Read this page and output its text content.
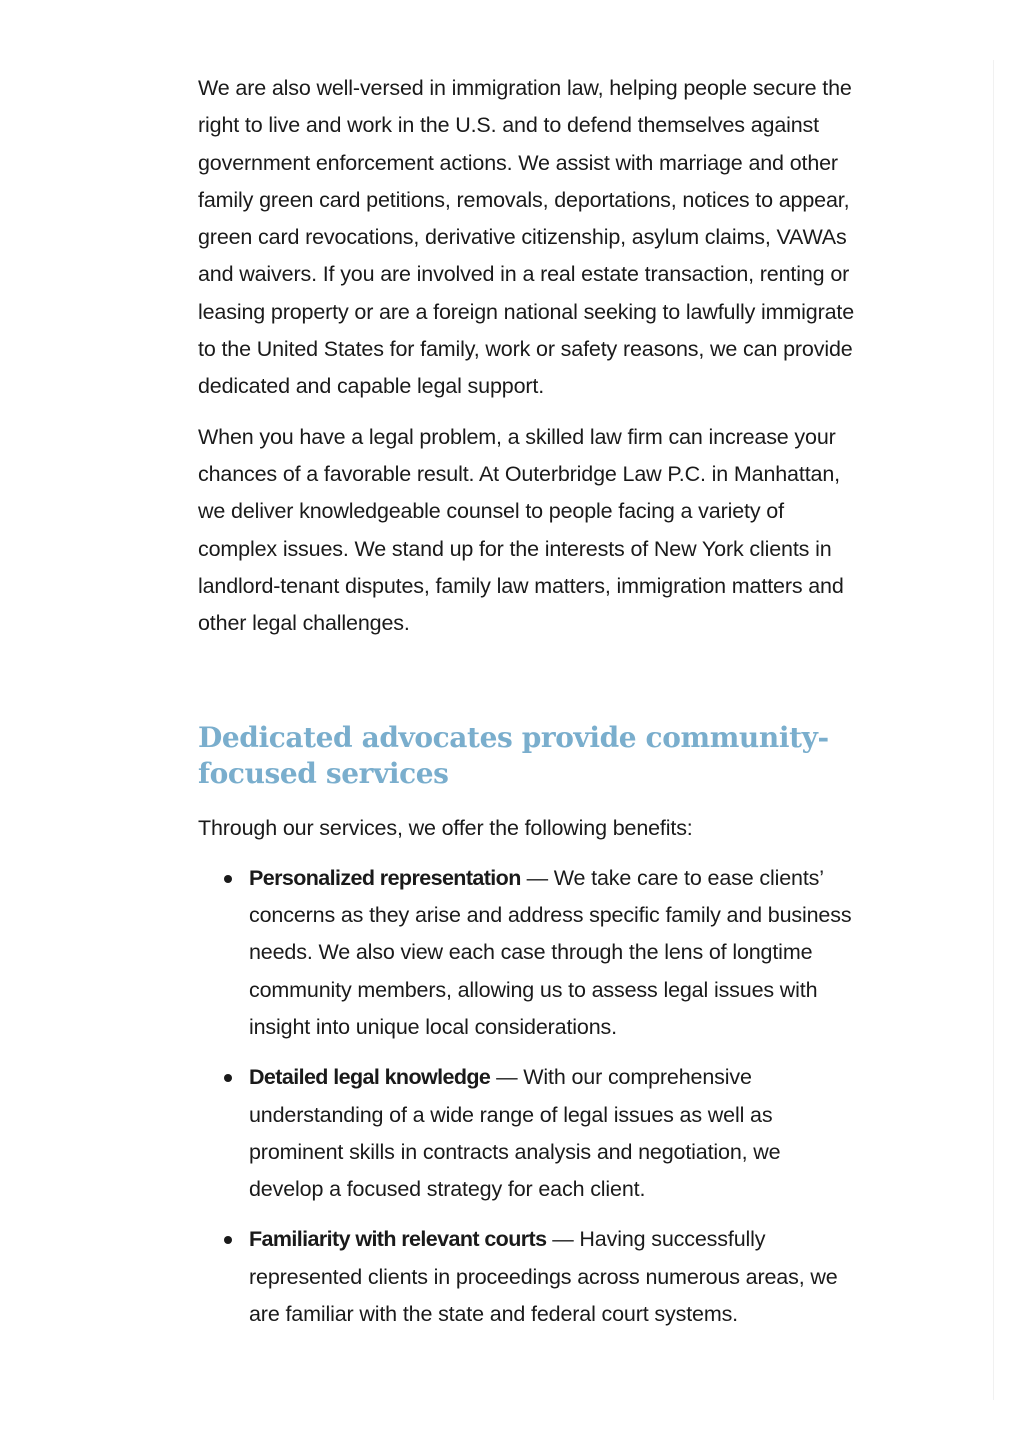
We are also well-versed in immigration law, helping people secure the right to live and work in the U.S. and to defend themselves against government enforcement actions. We assist with marriage and other family green card petitions, removals, deportations, notices to appear, green card revocations, derivative citizenship, asylum claims, VAWAs and waivers. If you are involved in a real estate transaction, renting or leasing property or are a foreign national seeking to lawfully immigrate to the United States for family, work or safety reasons, we can provide dedicated and capable legal support.

When you have a legal problem, a skilled law firm can increase your chances of a favorable result. At Outerbridge Law P.C. in Manhattan, we deliver knowledgeable counsel to people facing a variety of complex issues. We stand up for the interests of New York clients in landlord-tenant disputes, family law matters, immigration matters and other legal challenges.

Dedicated advocates provide community-focused services

Through our services, we offer the following benefits:

Personalized representation — We take care to ease clients’ concerns as they arise and address specific family and business needs. We also view each case through the lens of longtime community members, allowing us to assess legal issues with insight into unique local considerations.
Detailed legal knowledge — With our comprehensive understanding of a wide range of legal issues as well as prominent skills in contracts analysis and negotiation, we develop a focused strategy for each client.
Familiarity with relevant courts — Having successfully represented clients in proceedings across numerous areas, we are familiar with the state and federal court systems.
